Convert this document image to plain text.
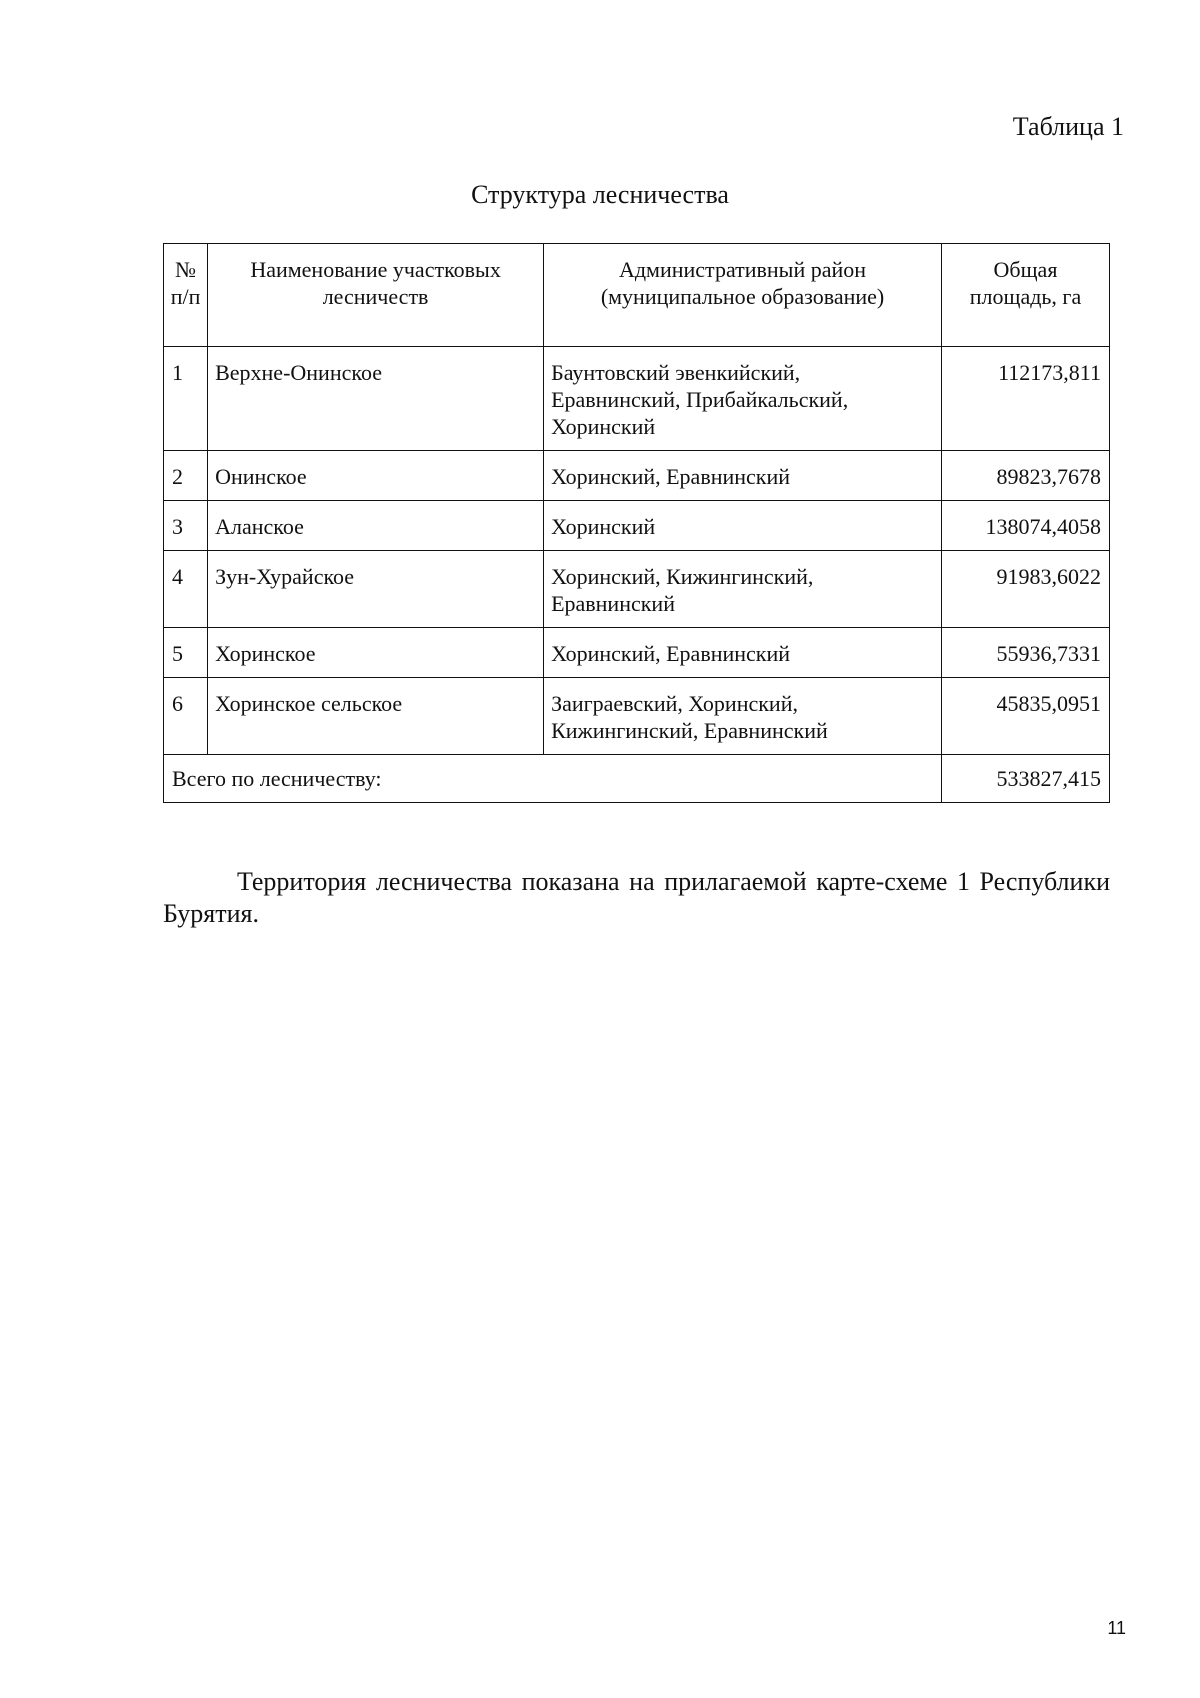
Таблица 1
Структура лесничества
№ п/п	Наименование участковых лесничеств	Административный район (муниципальное образование)	Общая площадь, га
1	Верхне-Онинское	Баунтовский эвенкийский, Еравнинский, Прибайкальский, Хоринский	112173,811
2	Онинское	Хоринский, Еравнинский	89823,7678
3	Аланское	Хоринский	138074,4058
4	Зун-Хурайское	Хоринский, Кижингинский, Еравнинский	91983,6022
5	Хоринское	Хоринский, Еравнинский	55936,7331
6	Хоринское сельское	Заиграевский, Хоринский, Кижингинский, Еравнинский	45835,0951
Всего по лесничеству:			533827,415

Территория лесничества показана на прилагаемой карте-схеме 1 Республики Бурятия.

11
